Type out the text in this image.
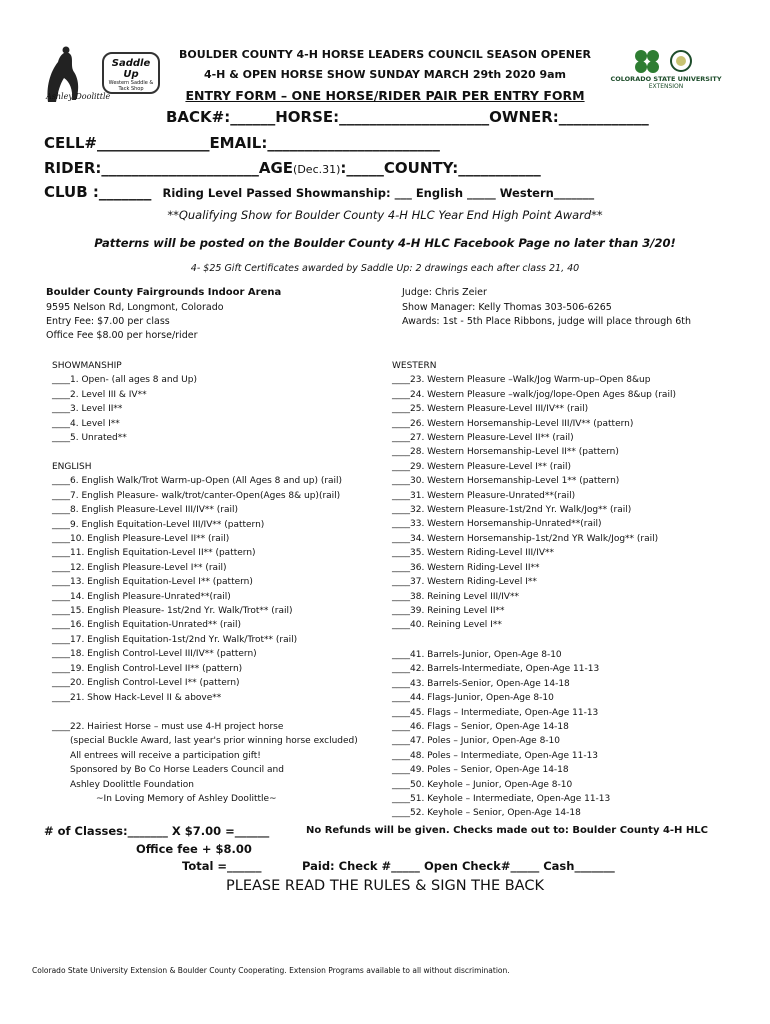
Ashley Doolittle
Saddle Up
Western Saddle & Tack Shop
COLORADO STATE UNIVERSITY
EXTENSION
BOULDER COUNTY 4-H HORSE LEADERS COUNCIL SEASON OPENER
4-H & OPEN HORSE SHOW SUNDAY MARCH 29th 2020 9am
ENTRY FORM – ONE HORSE/RIDER PAIR PER ENTRY FORM
BACK#:______HORSE:____________________OWNER:____________
CELL#_______________EMAIL:_______________________
RIDER:_____________________AGE(Dec.31):_____COUNTY:___________
CLUB :_______ Riding Level Passed Showmanship: ___ English _____ Western_______
**Qualifying Show for Boulder County 4-H HLC Year End High Point Award**
Patterns will be posted on the Boulder County 4-H HLC Facebook Page no later than 3/20!
4- $25 Gift Certificates awarded by Saddle Up: 2 drawings each after class 21, 40
Boulder County Fairgrounds Indoor Arena
9595 Nelson Rd, Longmont, Colorado
Entry Fee: $7.00 per class
Office Fee $8.00 per horse/rider
Judge: Chris Zeier
Show Manager: Kelly Thomas 303-506-6265
Awards: 1st - 5th Place Ribbons, judge will place through 6th
SHOWMANSHIP
____1. Open- (all ages 8 and Up)
____2. Level III & IV**
____3. Level II**
____4. Level I**
____5. Unrated**
ENGLISH
____6. English Walk/Trot Warm-up-Open (All Ages 8 and up) (rail)
____7. English Pleasure- walk/trot/canter-Open(Ages 8& up)(rail)
____8. English Pleasure-Level III/IV** (rail)
____9. English Equitation-Level III/IV** (pattern)
____10. English Pleasure-Level II** (rail)
____11. English Equitation-Level II** (pattern)
____12. English Pleasure-Level I** (rail)
____13. English Equitation-Level I** (pattern)
____14. English Pleasure-Unrated**(rail)
____15. English Pleasure- 1st/2nd Yr. Walk/Trot** (rail)
____16. English Equitation-Unrated** (rail)
____17. English Equitation-1st/2nd Yr. Walk/Trot** (rail)
____18. English Control-Level III/IV** (pattern)
____19. English Control-Level II** (pattern)
____20. English Control-Level I** (pattern)
____21. Show Hack-Level II & above**
____22. Hairiest Horse – must use 4-H project horse
(special Buckle Award, last year's prior winning horse excluded)
All entrees will receive a participation gift!
Sponsored by Bo Co Horse Leaders Council and
Ashley Doolittle Foundation
~In Loving Memory of Ashley Doolittle~
WESTERN
____23. Western Pleasure –Walk/Jog Warm-up–Open 8&up
____24. Western Pleasure –walk/jog/lope-Open Ages 8&up (rail)
____25. Western Pleasure-Level III/IV** (rail)
____26. Western Horsemanship-Level III/IV** (pattern)
____27. Western Pleasure-Level II** (rail)
____28. Western Horsemanship-Level II** (pattern)
____29. Western Pleasure-Level I** (rail)
____30. Western Horsemanship-Level 1** (pattern)
____31. Western Pleasure-Unrated**(rail)
____32. Western Pleasure-1st/2nd Yr. Walk/Jog** (rail)
____33. Western Horsemanship-Unrated**(rail)
____34. Western Horsemanship-1st/2nd YR Walk/Jog** (rail)
____35. Western Riding-Level III/IV**
____36. Western Riding-Level II**
____37. Western Riding-Level I**
____38. Reining Level III/IV**
____39. Reining Level II**
____40. Reining Level I**
____41. Barrels-Junior, Open-Age 8-10
____42. Barrels-Intermediate, Open-Age 11-13
____43. Barrels-Senior, Open-Age 14-18
____44. Flags-Junior, Open-Age 8-10
____45. Flags – Intermediate, Open-Age 11-13
____46. Flags – Senior, Open-Age 14-18
____47. Poles – Junior, Open-Age 8-10
____48. Poles – Intermediate, Open-Age 11-13
____49. Poles – Senior, Open-Age 14-18
____50. Keyhole – Junior, Open-Age 8-10
____51. Keyhole – Intermediate, Open-Age 11-13
____52. Keyhole – Senior, Open-Age 14-18
# of Classes:_______ X $7.00 =______	No Refunds will be given. Checks made out to: Boulder County 4-H HLC
Office fee + $8.00
Total =______	Paid: Check #_____ Open Check#_____ Cash_______
PLEASE READ THE RULES & SIGN THE BACK
Colorado State University Extension & Boulder County Cooperating. Extension Programs available to all without discrimination.
